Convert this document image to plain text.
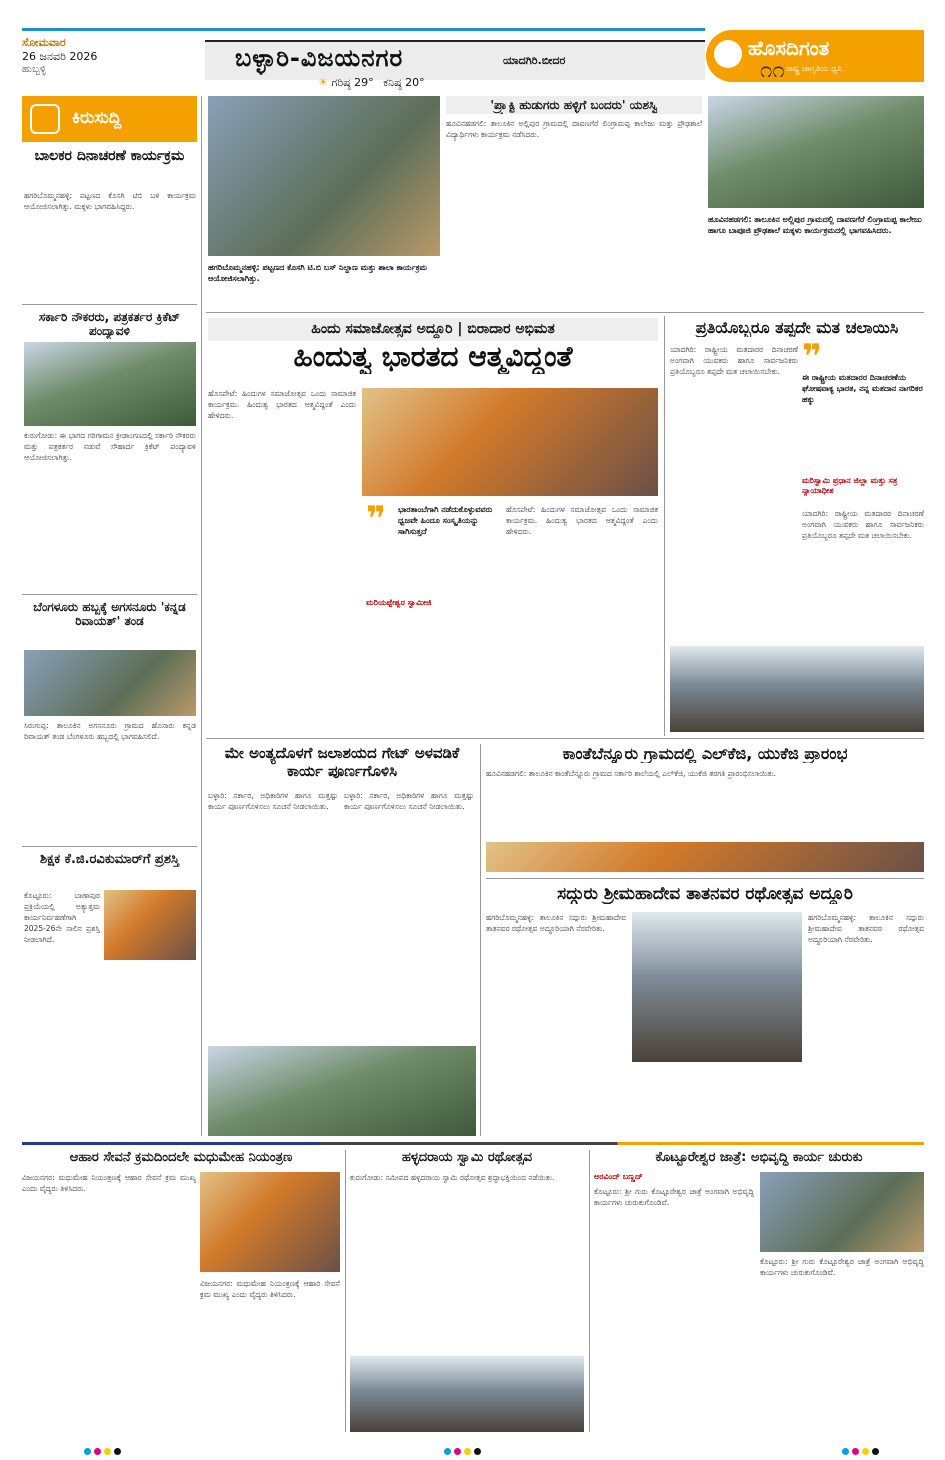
ಸೋಮವಾರ
26 ಜನವರಿ 2026
ಹುಬ್ಬಳ್ಳಿ	ಬಳ್ಳಾರಿ-ವಿಜಯನಗರ	ಯಾದಗಿರಿ.ಬೀದರ
☀ ಗರಿಷ್ಠ 29° ಕನಿಷ್ಠ 20°
ಹೊಸದಿಗಂತ
ರಾಷ್ಟ್ರ ಜಾಗೃತಿಯ ಧ್ವನಿ
೧೧
ಕಿರುಸುದ್ದಿ
ಬಾಲಕರ ದಿನಾಚರಣೆ ಕಾರ್ಯಕ್ರಮ
ಹಗರಿಬೊಮ್ಮನಹಳ್ಳಿ: ಪಟ್ಟಣದ ಕೊಸಗಿ ಟಿಬಿ ಬಳಿ ಕಾರ್ಯಕ್ರಮ ಆಯೋಜಿಸಲಾಗಿತ್ತು. ಮಕ್ಕಳು ಭಾಗವಹಿಸಿದ್ದರು.
ಸರ್ಕಾರಿ ನೌಕರರು, ಪತ್ರಕರ್ತರ ಕ್ರಿಕೆಟ್ ಪಂದ್ಯಾವಳಿ
ಕುರುಗೋಡು: ಈ ಭಾಗದ ಗರಿಗಾಮನ ಕ್ರೀಡಾಂಗಣದಲ್ಲಿ ಸರ್ಕಾರಿ ನೌಕರರು ಮತ್ತು ಪತ್ರಕರ್ತರ ನಡುವೆ ಸೌಹಾರ್ದ ಕ್ರಿಕೆಟ್ ಪಂದ್ಯಾವಳಿ ಆಯೋಜಿಸಲಾಗಿತ್ತು.
ಬೆಂಗಳೂರು ಹಬ್ಬಕ್ಕೆ ಅಗಸನೂರು 'ಕನ್ನಡ ರಿವಾಯತ್' ತಂಡ
ಸಿರುಗುಪ್ಪ: ತಾಲೂಕಿನ ಅಗಸನೂರು ಗ್ರಾಮದ ಹೊಸಾರು ಕನ್ನಡ ರಿವಾಯತ್ ತಂಡ ಬೆಂಗಳೂರು ಹಬ್ಬದಲ್ಲಿ ಭಾಗವಹಿಸಲಿದೆ.
ಶಿಕ್ಷಕ ಕೆ.ಜಿ.ರವಿಕುಮಾರ್‌ಗೆ ಪ್ರಶಸ್ತಿ
ಕೊಟ್ಟೂರು: ಬಾಣಾಪುರ ಪ್ರಕ್ರಿಯೆಯಲ್ಲಿ ಅತ್ಯುತ್ತಮ ಕಾರ್ಯನಿರ್ವಹಣೆಗಾಗಿ 2025-26ನೇ ಸಾಲಿನ ಪ್ರಶಸ್ತಿ ನೀಡಲಾಗಿದೆ.
ಹಗರಿಬೊಮ್ಮನಹಳ್ಳಿ: ಪಟ್ಟಣದ ಕೊಸಗಿ ಟಿ.ಬಿ ಬಸ್ ನಿಲ್ದಾಣ ಮತ್ತು ಶಾಲಾ ಕಾರ್ಯಕ್ರಮ ಆಯೋಜಿಸಲಾಗಿತ್ತು.
'ಪ್ರ್ಯಾಕ್ಟಿ ಹುಡುಗರು ಹಳ್ಳಿಗೆ ಬಂದರು' ಯಶಸ್ವಿ
ಹೂವಿನಹಡಗಲಿ: ತಾಲೂಕಿನ ಅಲ್ಲಿಪುರ ಗ್ರಾಮದಲ್ಲಿ ದಾವಣಗೆರೆ ಲಿಂಗ್ರಾಮಪ್ಪ ಕಾಲೇಜು ಮತ್ತು ಪ್ರೌಢಶಾಲೆ ವಿದ್ಯಾರ್ಥಿಗಳು ಕಾರ್ಯಕ್ರಮ ನಡೆಸಿದರು.
ಹೂವಿನಹಡಗಲಿ: ತಾಲೂಕಿನ ಅಲ್ಲಿಪುರ ಗ್ರಾಮದಲ್ಲಿ ದಾವಣಗೆರೆ ಲಿಂಗ್ರಾಮಪ್ಪ ಕಾಲೇಜು ಹಾಗೂ ಬಾಪೂಜಿ ಪ್ರೌಢಶಾಲೆ ಮಕ್ಕಳು ಕಾರ್ಯಕ್ರಮದಲ್ಲಿ ಭಾಗವಹಿಸಿದರು.
ಹಿಂದು ಸಮಾಜೋತ್ಸವ ಅದ್ದೂರಿ | ಬಿರಾದಾರ ಅಭಿಮತ
ಹಿಂದುತ್ವ ಭಾರತದ ಆತ್ಮವಿದ್ದಂತೆ
ಹೊಸಪೇಟೆ: ಹಿಂದುಗಳ ಸಮಾಜೋತ್ಸವ ಒಂದು ಸಾಮಾಜಿಕ ಕಾರ್ಯಕ್ರಮ. ಹಿಂದುತ್ವ ಭಾರತದ ಆತ್ಮವಿದ್ದಂತೆ ಎಂದು ಹೇಳಿದರು.
❞ ಭಾರತಾಂಬೆಗಾಗಿ ನಡೆದುಕೊಳ್ಳುವವರು ಧ್ವಜವೇ ಹಿಂದೂ ಸಂಸ್ಕೃತಿಯನ್ನು ಸಾಗಿಸುತ್ತದೆ
ಮರಿಯಪ್ಪೇಶ್ವರ ಸ್ವಾಮೀಜಿ
ಹೊಸಪೇಟೆ: ಹಿಂದುಗಳ ಸಮಾಜೋತ್ಸವ ಒಂದು ಸಾಮಾಜಿಕ ಕಾರ್ಯಕ್ರಮ. ಹಿಂದುತ್ವ ಭಾರತದ ಆತ್ಮವಿದ್ದಂತೆ ಎಂದು ಹೇಳಿದರು.
ಪ್ರತಿಯೊಬ್ಬರೂ ತಪ್ಪದೇ ಮತ ಚಲಾಯಿಸಿ
ಯಾದಗಿರಿ: ರಾಷ್ಟ್ರೀಯ ಮತದಾರರ ದಿನಾಚರಣೆ ಅಂಗವಾಗಿ ಯುವಕರು ಹಾಗೂ ಸಾರ್ವಜನಿಕರು ಪ್ರತಿಯೊಬ್ಬರೂ ತಪ್ಪದೇ ಮತ ಚಲಾಯಿಸಬೇಕು. ❞
ಈ ರಾಷ್ಟ್ರೀಯ ಮತದಾರರ ದಿನಾಚರಣೆಯ ಘೋಷವಾಕ್ಯ ಭಾರತ, ನನ್ನ ಮತದಾನ ನಾಗರಿಕರ ಹಕ್ಕು
ಮರಿಸ್ವಾಮಿ ಪ್ರಧಾನ ಜಿಲ್ಲಾ ಮತ್ತು ಸತ್ರ ನ್ಯಾಯಾಧೀಶ
ಯಾದಗಿರಿ: ರಾಷ್ಟ್ರೀಯ ಮತದಾರರ ದಿನಾಚರಣೆ ಅಂಗವಾಗಿ ಯುವಕರು ಹಾಗೂ ಸಾರ್ವಜನಿಕರು ಪ್ರತಿಯೊಬ್ಬರೂ ತಪ್ಪದೇ ಮತ ಚಲಾಯಿಸಬೇಕು.
ಮೇ ಅಂತ್ಯದೊಳಗೆ ಜಲಾಶಯದ ಗೇಟ್ ಅಳವಡಿಕೆ ಕಾರ್ಯ ಪೂರ್ಣಗೊಳಿಸಿ
ಬಳ್ಳಾರಿ: ಸರ್ಕಾರ, ಅಧಿಕಾರಿಗಳ ಹಾಗೂ ಮತ್ತಷ್ಟು ಕಾರ್ಯ ಪೂರ್ಣಗೊಳಿಸಲು ಸೂಚನೆ ನೀಡಲಾಯಿತು.
ಬಳ್ಳಾರಿ: ಸರ್ಕಾರ, ಅಧಿಕಾರಿಗಳ ಹಾಗೂ ಮತ್ತಷ್ಟು ಕಾರ್ಯ ಪೂರ್ಣಗೊಳಿಸಲು ಸೂಚನೆ ನೀಡಲಾಯಿತು.
ಕಾಂತೆಬೆನ್ನೂರು ಗ್ರಾಮದಲ್ಲಿ ಎಲ್‌ಕೆಜಿ, ಯುಕೆಜಿ ಪ್ರಾರಂಭ
ಹೂವಿನಹಡಗಲಿ: ತಾಲೂಕಿನ ಕಾಂತೆಬೆನ್ನೂರು ಗ್ರಾಮದ ಸರ್ಕಾರಿ ಶಾಲೆಯಲ್ಲಿ ಎಲ್‌ಕೆಜಿ, ಯುಕೆಜಿ ತರಗತಿ ಪ್ರಾರಂಭಿಸಲಾಯಿತು.
ಸದ್ಗುರು ಶ್ರೀಮಹಾದೇವ ತಾತನವರ ರಥೋತ್ಸವ ಅದ್ದೂರಿ
ಹಗರಿಬೊಮ್ಮನಹಳ್ಳಿ: ತಾಲೂಕಿನ ಸದ್ಗುರು ಶ್ರೀಮಹಾದೇವ ತಾತನವರ ರಥೋತ್ಸವ ಅದ್ದೂರಿಯಾಗಿ ನೆರವೇರಿತು.
ಹಗರಿಬೊಮ್ಮನಹಳ್ಳಿ: ತಾಲೂಕಿನ ಸದ್ಗುರು ಶ್ರೀಮಹಾದೇವ ತಾತನವರ ರಥೋತ್ಸವ ಅದ್ದೂರಿಯಾಗಿ ನೆರವೇರಿತು.
ಆಹಾರ ಸೇವನೆ ಕ್ರಮದಿಂದಲೇ ಮಧುಮೇಹ ನಿಯಂತ್ರಣ
ವಿಜಯನಗರ: ಮಧುಮೇಹ ನಿಯಂತ್ರಣಕ್ಕೆ ಆಹಾರ ಸೇವನೆ ಕ್ರಮ ಮುಖ್ಯ ಎಂದು ವೈದ್ಯರು ತಿಳಿಸಿದರು.
ವಿಜಯನಗರ: ಮಧುಮೇಹ ನಿಯಂತ್ರಣಕ್ಕೆ ಆಹಾರ ಸೇವನೆ ಕ್ರಮ ಮುಖ್ಯ ಎಂದು ವೈದ್ಯರು ತಿಳಿಸಿದರು.
ಹಳ್ಳದರಾಯ ಸ್ವಾಮಿ ರಥೋತ್ಸವ
ಕುರುಗೋಡು: ಸಮೀಪದ ಹಳ್ಳದರಾಯ ಸ್ವಾಮಿ ರಥೋತ್ಸವ ಶ್ರದ್ಧಾಭಕ್ತಿಯಿಂದ ನಡೆಯಿತು.
ಕೊಟ್ಟೂರೇಶ್ವರ ಜಾತ್ರೆ: ಅಭಿವೃದ್ಧಿ ಕಾರ್ಯ ಚುರುಕು
ಅರವಿಂದ್ ಬಣ್ಣದ್
ಕೊಟ್ಟೂರು: ಶ್ರೀ ಗುರು ಕೊಟ್ಟೂರೇಶ್ವರ ಜಾತ್ರೆ ಅಂಗವಾಗಿ ಅಭಿವೃದ್ಧಿ ಕಾರ್ಯಗಳು ಚುರುಕುಗೊಂಡಿವೆ.
ಕೊಟ್ಟೂರು: ಶ್ರೀ ಗುರು ಕೊಟ್ಟೂರೇಶ್ವರ ಜಾತ್ರೆ ಅಂಗವಾಗಿ ಅಭಿವೃದ್ಧಿ ಕಾರ್ಯಗಳು ಚುರುಕುಗೊಂಡಿವೆ.
